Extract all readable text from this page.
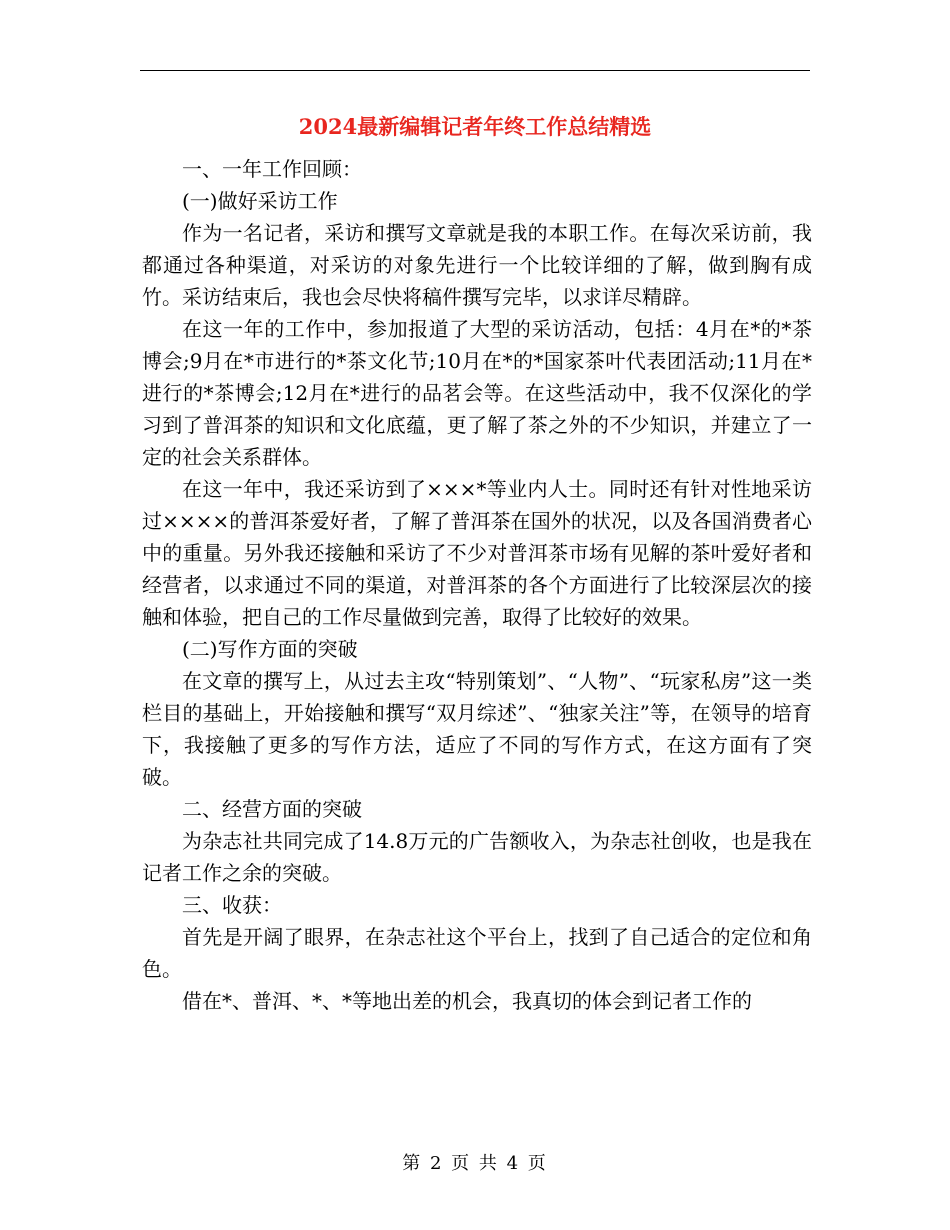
2024最新编辑记者年终工作总结精选

一、一年工作回顾：

(一)做好采访工作

作为一名记者，采访和撰写文章就是我的本职工作。在每次采访前，我都通过各种渠道，对采访的对象先进行一个比较详细的了解，做到胸有成竹。采访结束后，我也会尽快将稿件撰写完毕，以求详尽精辟。

在这一年的工作中，参加报道了大型的采访活动，包括：4月在*的*茶博会;9月在*市进行的*茶文化节;10月在*的*国家茶叶代表团活动;11月在*进行的*茶博会;12月在*进行的品茗会等。在这些活动中，我不仅深化的学习到了普洱茶的知识和文化底蕴，更了解了茶之外的不少知识，并建立了一定的社会关系群体。

在这一年中，我还采访到了×××*等业内人士。同时还有针对性地采访过××××的普洱茶爱好者，了解了普洱茶在国外的状况，以及各国消费者心中的重量。另外我还接触和采访了不少对普洱茶市场有见解的茶叶爱好者和经营者，以求通过不同的渠道，对普洱茶的各个方面进行了比较深层次的接触和体验，把自己的工作尽量做到完善，取得了比较好的效果。

(二)写作方面的突破

在文章的撰写上，从过去主攻“特别策划”、“人物”、“玩家私房”这一类栏目的基础上，开始接触和撰写“双月综述”、“独家关注”等，在领导的培育下，我接触了更多的写作方法，适应了不同的写作方式，在这方面有了突破。

二、经营方面的突破

为杂志社共同完成了14.8万元的广告额收入，为杂志社创收，也是我在记者工作之余的突破。

三、收获：

首先是开阔了眼界，在杂志社这个平台上，找到了自己适合的定位和角色。

借在*、普洱、*、*等地出差的机会，我真切的体会到记者工作的

第 2 页 共 4 页
